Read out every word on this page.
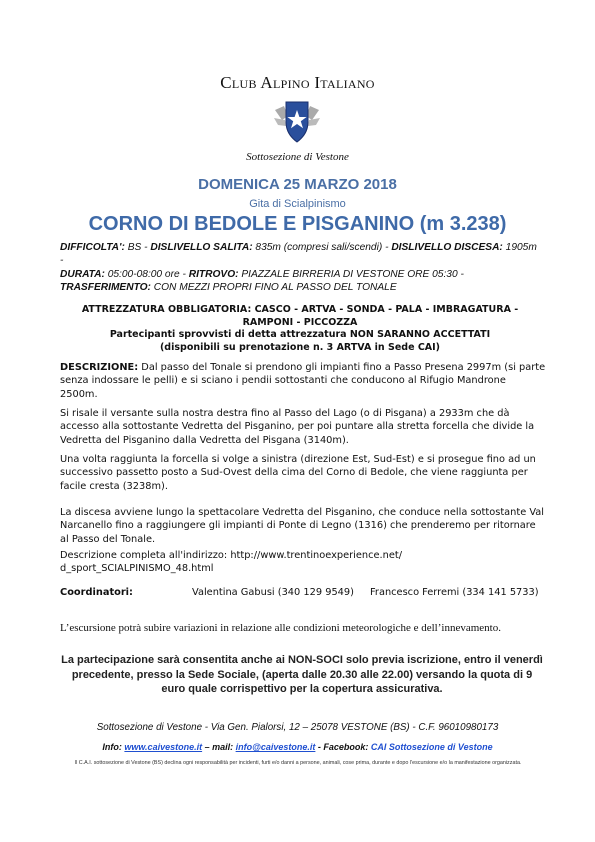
Club Alpino Italiano
Sottosezione di Vestone
DOMENICA 25 MARZO 2018
Gita di Scialpinismo
CORNO DI BEDOLE E PISGANINO (m 3.238)
DIFFICOLTA': BS - DISLIVELLO SALITA: 835m (compresi sali/scendi) - DISLIVELLO DISCESA: 1905m -
DURATA: 05:00-08:00 ore - RITROVO: PIAZZALE BIRRERIA DI VESTONE ORE 05:30 -
TRASFERIMENTO: CON MEZZI PROPRI FINO AL PASSO DEL TONALE
ATTREZZATURA OBBLIGATORIA: CASCO - ARTVA - SONDA - PALA - IMBRAGATURA - RAMPONI - PICCOZZA
Partecipanti sprovvisti di detta attrezzatura NON SARANNO ACCETTATI
(disponibili su prenotazione n. 3 ARTVA in Sede CAI)
DESCRIZIONE: Dal passo del Tonale si prendono gli impianti fino a Passo Presena 2997m (si parte senza indossare le pelli) e si sciano i pendii sottostanti che conducono al Rifugio Mandrone 2500m.
Si risale il versante sulla nostra destra fino al Passo del Lago (o di Pisgana) a 2933m che dà accesso alla sottostante Vedretta del Pisganino, per poi puntare alla stretta forcella che divide la Vedretta del Pisganino dalla Vedretta del Pisgana (3140m).
Una volta raggiunta la forcella si volge a sinistra (direzione Est, Sud-Est) e si prosegue fino ad un successivo passetto posto a Sud-Ovest della cima del Corno di Bedole, che viene raggiunta per facile cresta (3238m).
La discesa avviene lungo la spettacolare Vedretta del Pisganino, che conduce nella sottostante Val Narcanello fino a raggiungere gli impianti di Ponte di Legno (1316) che prenderemo per ritornare al Passo del Tonale.
Descrizione completa all'indirizzo: http://www.trentinoexperience.net/
d_sport_SCIALPINISMO_48.html
Coordinatori:	Valentina Gabusi (340 129 9549) Francesco Ferremi (334 141 5733)
L’escursione potrà subire variazioni in relazione alle condizioni meteorologiche e dell’innevamento.
La partecipazione sarà consentita anche ai NON-SOCI solo previa iscrizione, entro il venerdì precedente, presso la Sede Sociale, (aperta dalle 20.30 alle 22.00) versando la quota di 9 euro quale corrispettivo per la copertura assicurativa.
Sottosezione di Vestone - Via Gen. Pialorsi, 12 – 25078 VESTONE (BS) - C.F. 96010980173
Info: www.caivestone.it – mail: info@caivestone.it - Facebook: CAI Sottosezione di Vestone
Il C.A.I. sottosezione di Vestone (BS) declina ogni responsabilità per incidenti, furti e/o danni a persone, animali, cose prima, durante e dopo l'escursione e/o la manifestazione organizzata.
